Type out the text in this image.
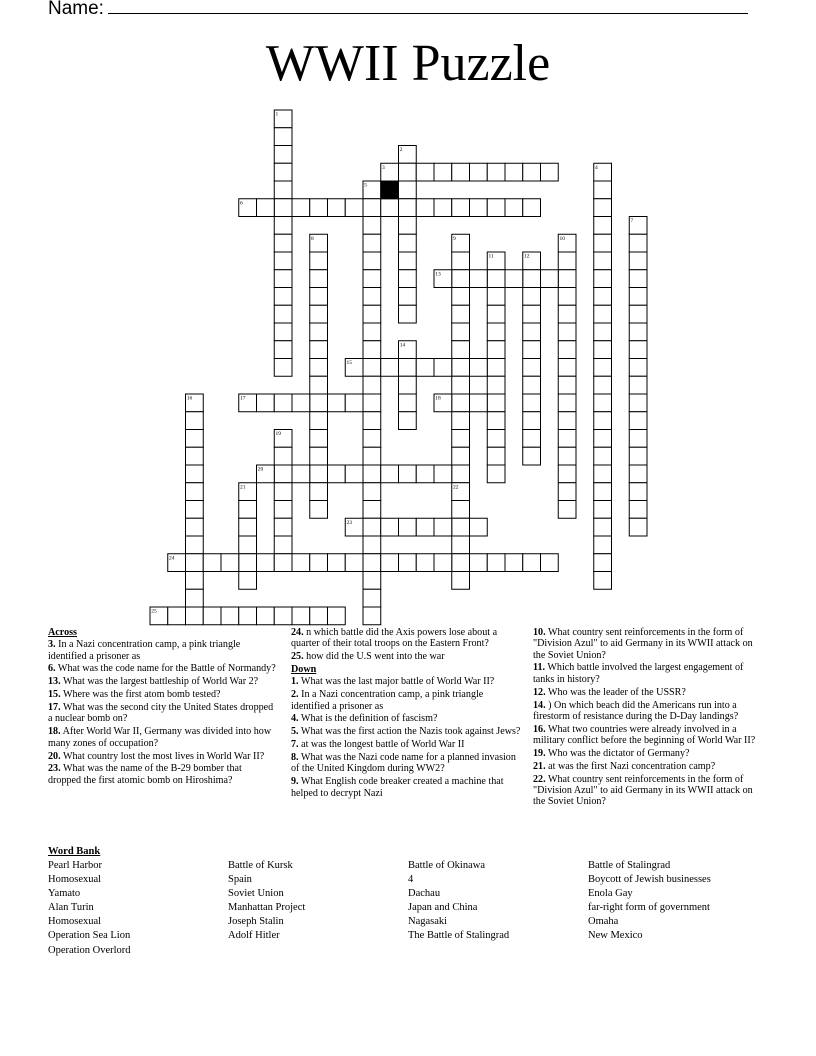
Name:
WWII Puzzle
1
2
3	4
5
6
7
8	9	10
11	12
13
14
15
16	17	18
19
20
21	22
23
24
25
Across
3. In a Nazi concentration camp, a pink triangle identified a prisoner as
6. What was the code name for the Battle of Normandy?
13. What was the largest battleship of World War 2?
15. Where was the first atom bomb tested?
17. What was the second city the United States dropped a nuclear bomb on?
18. After World War II, Germany was divided into how many zones of occupation?
20. What country lost the most lives in World War II?
23. What was the name of the B-29 bomber that dropped the first atomic bomb on Hiroshima?
24. n which battle did the Axis powers lose about a quarter of their total troops on the Eastern Front?
25. how did the U.S went into the war
Down
1. What was the last major battle of World War II?
2. In a Nazi concentration camp, a pink triangle identified a prisoner as
4. What is the definition of fascism?
5. What was the first action the Nazis took against Jews?
7. at was the longest battle of World War II
8. What was the Nazi code name for a planned invasion of the United Kingdom during WW2?
9. What English code breaker created a machine that helped to decrypt Nazi
10. What country sent reinforcements in the form of "Division Azul" to aid Germany in its WWII attack on the Soviet Union?
11. Which battle involved the largest engagement of tanks in history?
12. Who was the leader of the USSR?
14. ) On which beach did the Americans run into a firestorm of resistance during the D-Day landings?
16. What two countries were already involved in a military conflict before the beginning of World War II?
19. Who was the dictator of Germany?
21. at was the first Nazi concentration camp?
22. What country sent reinforcements in the form of "Division Azul" to aid Germany in its WWII attack on the Soviet Union?
Word Bank
Pearl Harbor
Homosexual
Yamato
Alan Turin
Homosexual
Operation Sea Lion
Operation Overlord
Battle of Kursk
Spain
Soviet Union
Manhattan Project
Joseph Stalin
Adolf Hitler
Battle of Okinawa
4
Dachau
Japan and China
Nagasaki
The Battle of Stalingrad
Battle of Stalingrad
Boycott of Jewish businesses
Enola Gay
far-right form of government
Omaha
New Mexico
